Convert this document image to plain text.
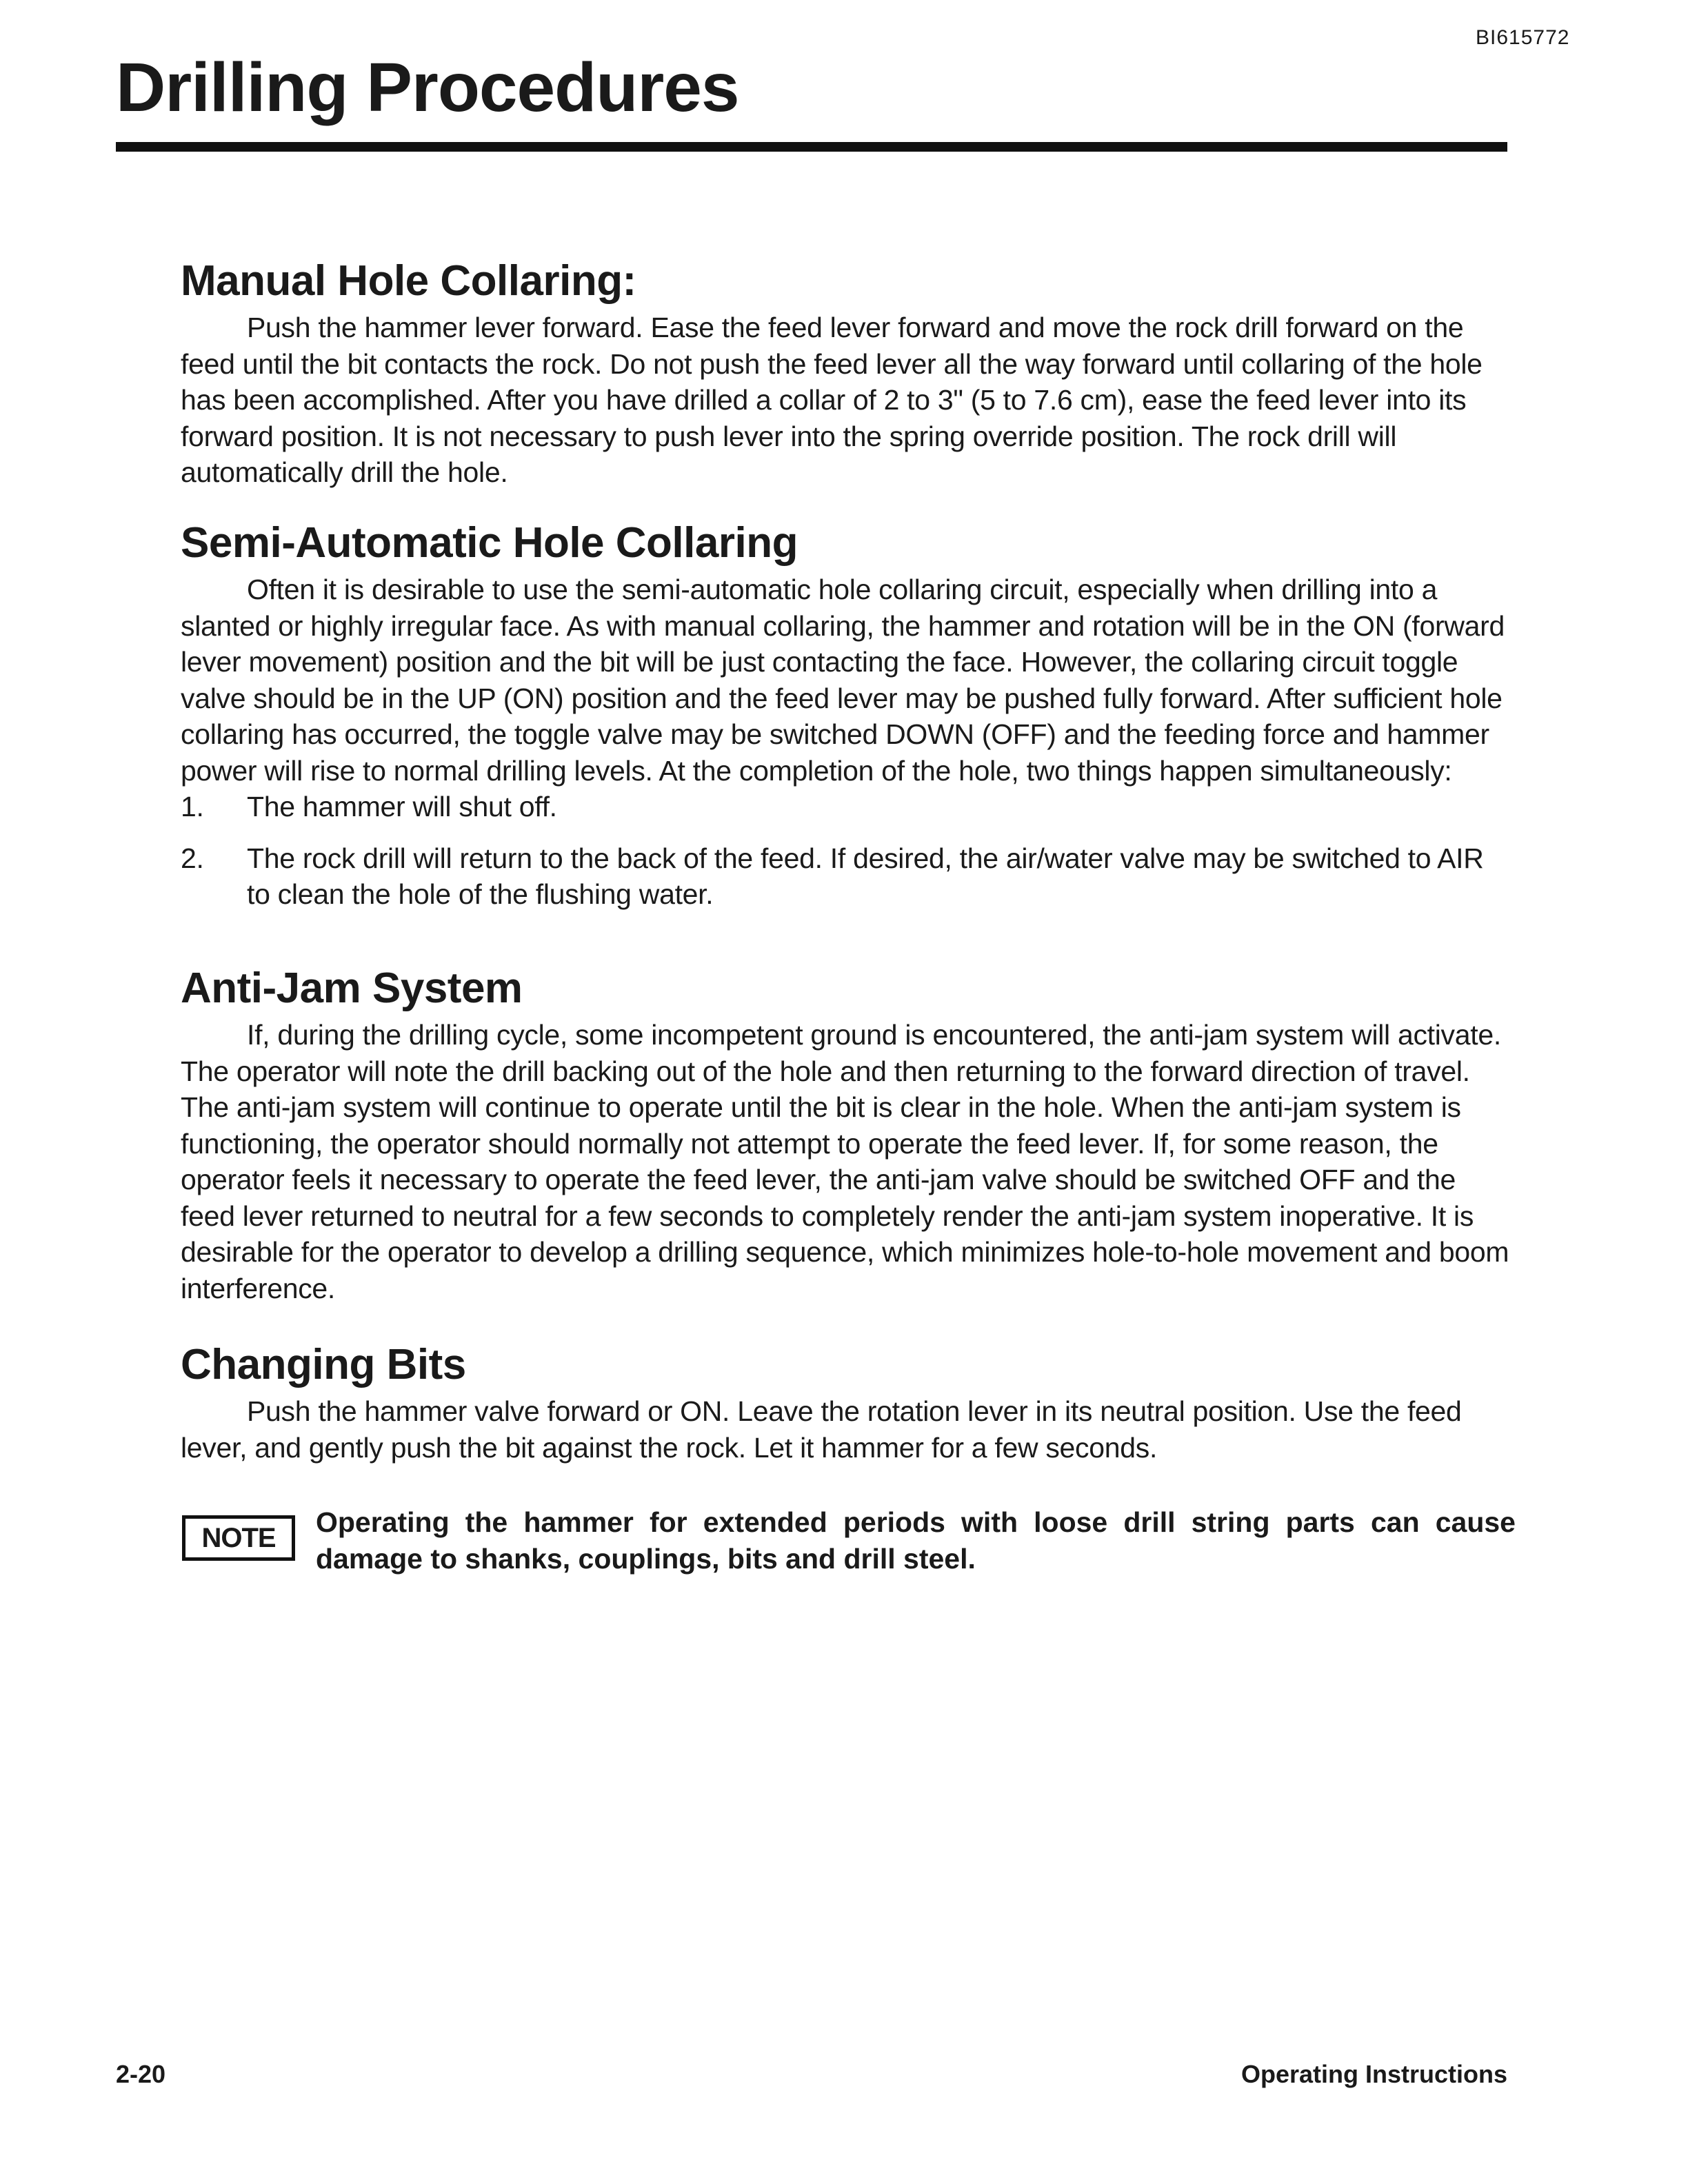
BI615772
Drilling Procedures
Manual Hole Collaring:

Push the hammer lever forward. Ease the feed lever forward and move the rock drill forward on the feed until the bit contacts the rock. Do not push the feed lever all the way forward until collaring of the hole has been accomplished. After you have drilled a collar of 2 to 3" (5 to 7.6 cm), ease the feed lever into its forward position. It is not necessary to push lever into the spring override position. The rock drill will automatically drill the hole.

Semi-Automatic Hole Collaring

Often it is desirable to use the semi-automatic hole collaring circuit, especially when drilling into a slanted or highly irregular face. As with manual collaring, the hammer and rotation will be in the ON (forward lever movement) position and the bit will be just contacting the face. However, the collaring circuit toggle valve should be in the UP (ON) position and the feed lever may be pushed fully forward. After sufficient hole collaring has occurred, the toggle valve may be switched DOWN (OFF) and the feeding force and hammer power will rise to normal drilling levels. At the completion of the hole, two things happen simultaneously:

1. The hammer will shut off.
2. The rock drill will return to the back of the feed. If desired, the air/water valve may be switched to AIR to clean the hole of the flushing water.
Anti-Jam System

If, during the drilling cycle, some incompetent ground is encountered, the anti-jam system will activate. The operator will note the drill backing out of the hole and then returning to the forward direction of travel. The anti-jam system will continue to operate until the bit is clear in the hole. When the anti-jam system is functioning, the operator should normally not attempt to operate the feed lever. If, for some reason, the operator feels it necessary to operate the feed lever, the anti-jam valve should be switched OFF and the feed lever returned to neutral for a few seconds to completely render the anti-jam system inoperative. It is desirable for the operator to develop a drilling sequence, which minimizes hole-to-hole movement and boom interference.

Changing Bits

Push the hammer valve forward or ON. Leave the rotation lever in its neutral position. Use the feed lever, and gently push the bit against the rock. Let it hammer for a few seconds.

NOTE	Operating the hammer for extended periods with loose drill string parts can cause damage to shanks, couplings, bits and drill steel.
2-20	Operating Instructions
